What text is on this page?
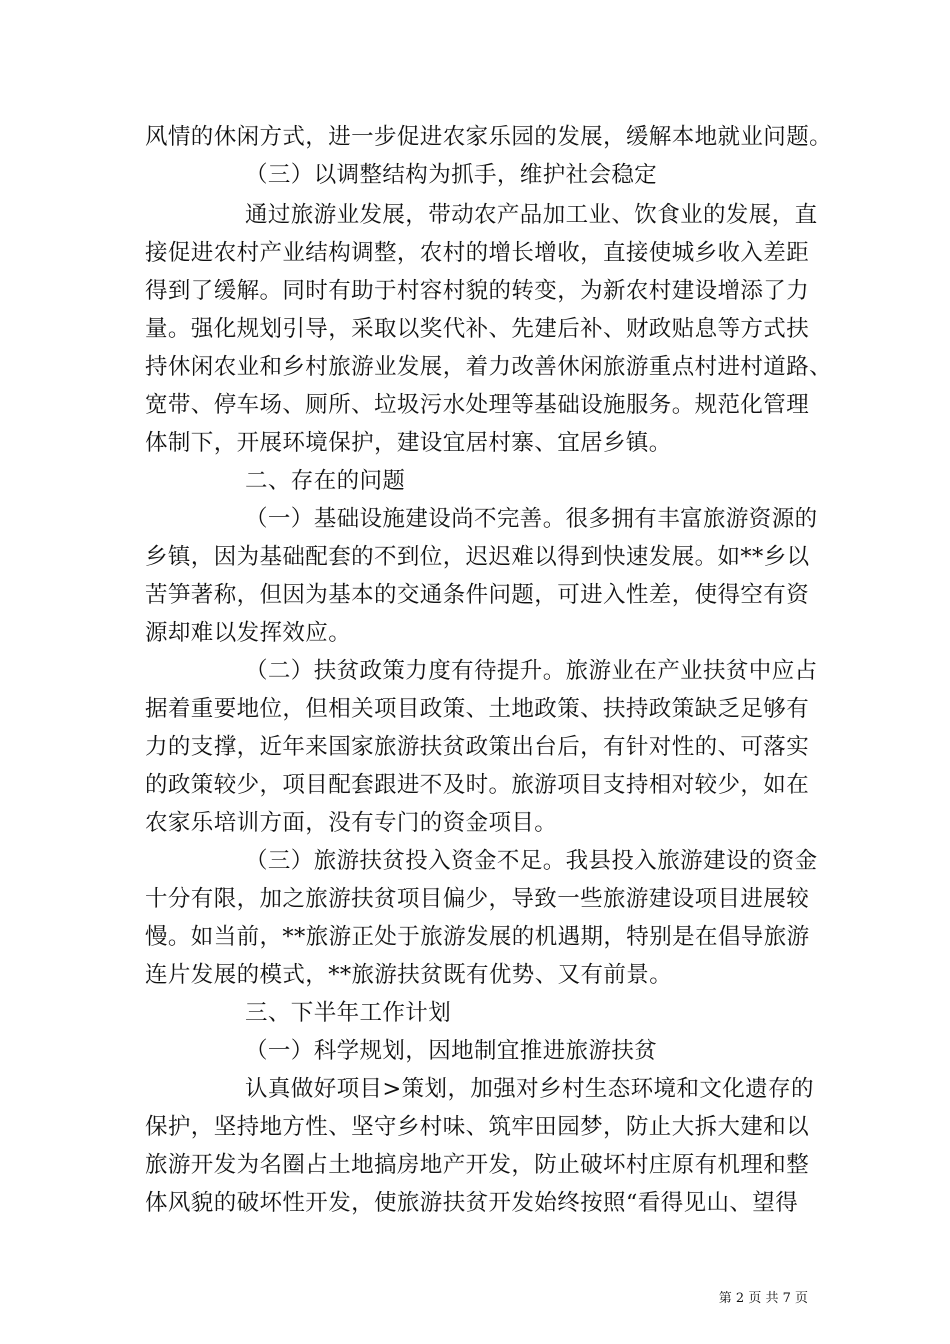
风情的休闲方式，进一步促进农家乐园的发展，缓解本地就业问题。
（三）以调整结构为抓手，维护社会稳定
通过旅游业发展，带动农产品加工业、饮食业的发展，直
接促进农村产业结构调整，农村的增长增收，直接使城乡收入差距
得到了缓解。同时有助于村容村貌的转变，为新农村建设增添了力
量。强化规划引导，采取以奖代补、先建后补、财政贴息等方式扶
持休闲农业和乡村旅游业发展，着力改善休闲旅游重点村进村道路、
宽带、停车场、厕所、垃圾污水处理等基础设施服务。规范化管理
体制下，开展环境保护，建设宜居村寨、宜居乡镇。
二、存在的问题
（一）基础设施建设尚不完善。很多拥有丰富旅游资源的
乡镇，因为基础配套的不到位，迟迟难以得到快速发展。如**乡以
苦笋著称，但因为基本的交通条件问题，可进入性差，使得空有资
源却难以发挥效应。
（二）扶贫政策力度有待提升。旅游业在产业扶贫中应占
据着重要地位，但相关项目政策、土地政策、扶持政策缺乏足够有
力的支撑，近年来国家旅游扶贫政策出台后，有针对性的、可落实
的政策较少，项目配套跟进不及时。旅游项目支持相对较少，如在
农家乐培训方面，没有专门的资金项目。
（三）旅游扶贫投入资金不足。我县投入旅游建设的资金
十分有限，加之旅游扶贫项目偏少，导致一些旅游建设项目进展较
慢。如当前，**旅游正处于旅游发展的机遇期，特别是在倡导旅游
连片发展的模式，**旅游扶贫既有优势、又有前景。
三、下半年工作计划
（一）科学规划，因地制宜推进旅游扶贫
认真做好项目>策划，加强对乡村生态环境和文化遗存的
保护，坚持地方性、坚守乡村味、筑牢田园梦，防止大拆大建和以
旅游开发为名圈占土地搞房地产开发，防止破坏村庄原有机理和整
体风貌的破坏性开发，使旅游扶贫开发始终按照“看得见山、望得
第 2 页 共 7 页
